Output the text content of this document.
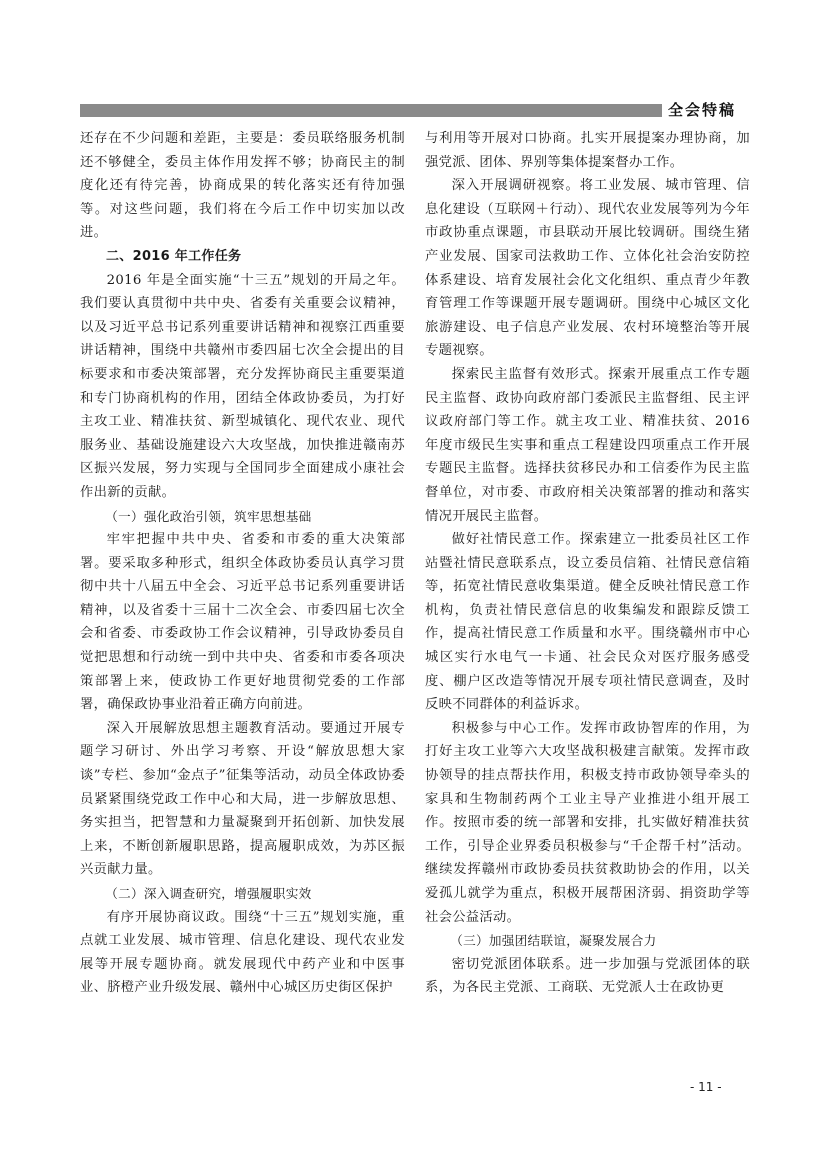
全会特稿

还存在不少问题和差距，主要是：委员联络服务机制还不够健全，委员主体作用发挥不够；协商民主的制度化还有待完善，协商成果的转化落实还有待加强等。对这些问题，我们将在今后工作中切实加以改进。

二、2016 年工作任务

2016 年是全面实施“十三五”规划的开局之年。我们要认真贯彻中共中央、省委有关重要会议精神，以及习近平总书记系列重要讲话精神和视察江西重要讲话精神，围绕中共赣州市委四届七次全会提出的目标要求和市委决策部署，充分发挥协商民主重要渠道和专门协商机构的作用，团结全体政协委员，为打好主攻工业、精准扶贫、新型城镇化、现代农业、现代服务业、基础设施建设六大攻坚战，加快推进赣南苏区振兴发展，努力实现与全国同步全面建成小康社会作出新的贡献。

（一）强化政治引领，筑牢思想基础

牢牢把握中共中央、省委和市委的重大决策部署。要采取多种形式，组织全体政协委员认真学习贯彻中共十八届五中全会、习近平总书记系列重要讲话精神，以及省委十三届十二次全会、市委四届七次全会和省委、市委政协工作会议精神，引导政协委员自觉把思想和行动统一到中共中央、省委和市委各项决策部署上来，使政协工作更好地贯彻党委的工作部署，确保政协事业沿着正确方向前进。

深入开展解放思想主题教育活动。要通过开展专题学习研讨、外出学习考察、开设“解放思想大家谈”专栏、参加“金点子”征集等活动，动员全体政协委员紧紧围绕党政工作中心和大局，进一步解放思想、务实担当，把智慧和力量凝聚到开拓创新、加快发展上来，不断创新履职思路，提高履职成效，为苏区振兴贡献力量。

（二）深入调查研究，增强履职实效

有序开展协商议政。围绕“十三五”规划实施，重点就工业发展、城市管理、信息化建设、现代农业发展等开展专题协商。就发展现代中药产业和中医事业、脐橙产业升级发展、赣州中心城区历史街区保护

与利用等开展对口协商。扎实开展提案办理协商，加强党派、团体、界别等集体提案督办工作。

深入开展调研视察。将工业发展、城市管理、信息化建设（互联网＋行动）、现代农业发展等列为今年市政协重点课题，市县联动开展比较调研。围绕生猪产业发展、国家司法救助工作、立体化社会治安防控体系建设、培育发展社会化文化组织、重点青少年教育管理工作等课题开展专题调研。围绕中心城区文化旅游建设、电子信息产业发展、农村环境整治等开展专题视察。

探索民主监督有效形式。探索开展重点工作专题民主监督、政协向政府部门委派民主监督组、民主评议政府部门等工作。就主攻工业、精准扶贫、2016 年度市级民生实事和重点工程建设四项重点工作开展专题民主监督。选择扶贫移民办和工信委作为民主监督单位，对市委、市政府相关决策部署的推动和落实情况开展民主监督。

做好社情民意工作。探索建立一批委员社区工作站暨社情民意联系点，设立委员信箱、社情民意信箱等，拓宽社情民意收集渠道。健全反映社情民意工作机构，负责社情民意信息的收集编发和跟踪反馈工作，提高社情民意工作质量和水平。围绕赣州市中心城区实行水电气一卡通、社会民众对医疗服务感受度、棚户区改造等情况开展专项社情民意调查，及时反映不同群体的利益诉求。

积极参与中心工作。发挥市政协智库的作用，为打好主攻工业等六大攻坚战积极建言献策。发挥市政协领导的挂点帮扶作用，积极支持市政协领导牵头的家具和生物制药两个工业主导产业推进小组开展工作。按照市委的统一部署和安排，扎实做好精准扶贫工作，引导企业界委员积极参与“千企帮千村”活动。继续发挥赣州市政协委员扶贫救助协会的作用，以关爱孤儿就学为重点，积极开展帮困济弱、捐资助学等社会公益活动。

（三）加强团结联谊，凝聚发展合力

密切党派团体联系。进一步加强与党派团体的联系，为各民主党派、工商联、无党派人士在政协更

- 11 -
